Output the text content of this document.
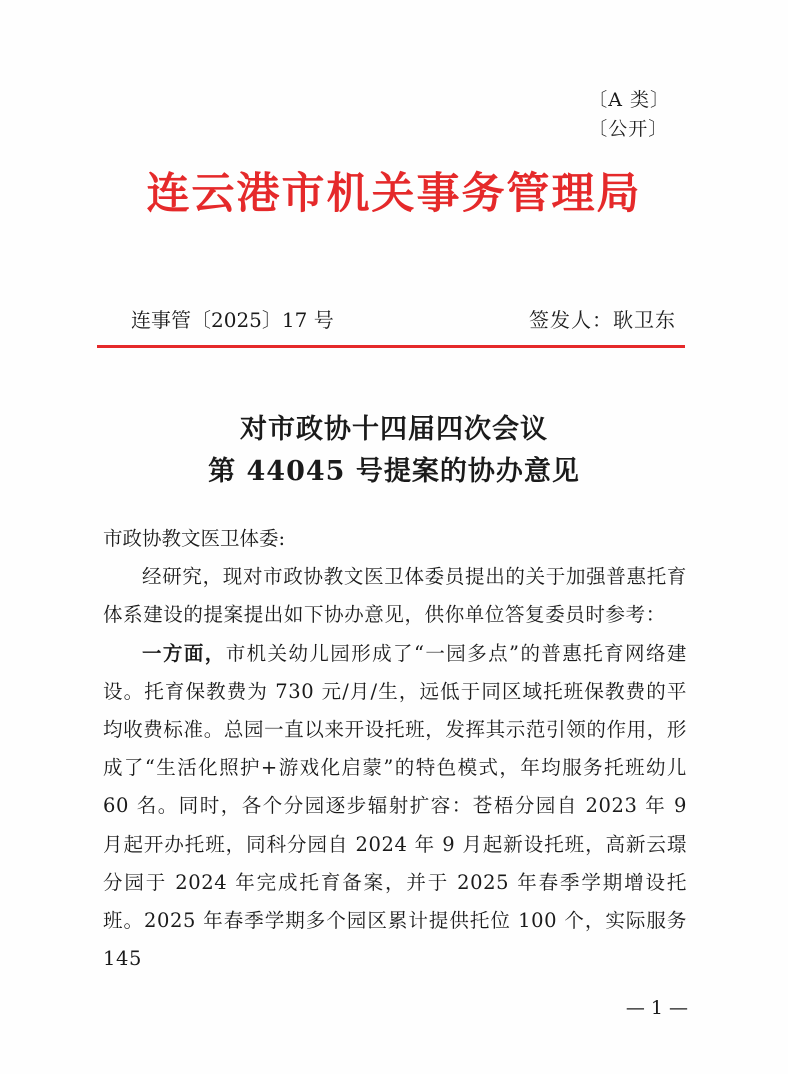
〔A 类〕
〔公开〕
连云港市机关事务管理局
连事管〔2025〕17 号	签发人：耿卫东
对市政协十四届四次会议
第 44045 号提案的协办意见

市政协教文医卫体委:

经研究，现对市政协教文医卫体委员提出的关于加强普惠托育体系建设的提案提出如下协办意见，供你单位答复委员时参考：

一方面，市机关幼儿园形成了“一园多点”的普惠托育网络建设。托育保教费为 730 元/月/生，远低于同区域托班保教费的平均收费标准。总园一直以来开设托班，发挥其示范引领的作用，形成了“生活化照护+游戏化启蒙”的特色模式，年均服务托班幼儿 60 名。同时，各个分园逐步辐射扩容：苍梧分园自 2023 年 9 月起开办托班，同科分园自 2024 年 9 月起新设托班，高新云璟分园于 2024 年完成托育备案，并于 2025 年春季学期增设托班。2025 年春季学期多个园区累计提供托位 100 个，实际服务 145

— 1 —
